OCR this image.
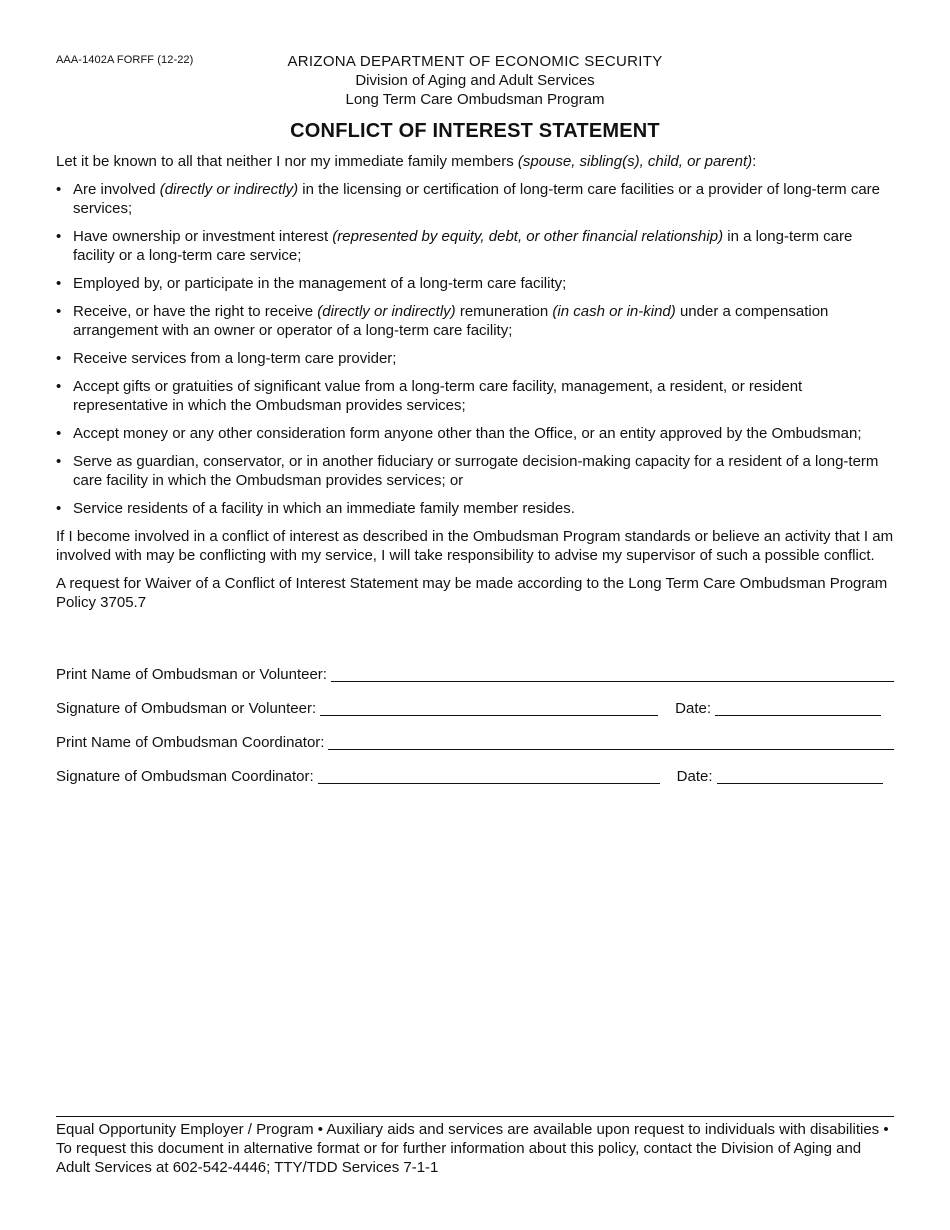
AAA-1402A FORFF (12-22)	ARIZONA DEPARTMENT OF ECONOMIC SECURITY
Division of Aging and Adult Services
Long Term Care Ombudsman Program
CONFLICT OF INTEREST STATEMENT

Let it be known to all that neither I nor my immediate family members (spouse, sibling(s), child, or parent):

• Are involved (directly or indirectly) in the licensing or certification of long-term care facilities or a provider of long-term care services;
• Have ownership or investment interest (represented by equity, debt, or other financial relationship) in a long-term care facility or a long-term care service;
• Employed by, or participate in the management of a long-term care facility;
• Receive, or have the right to receive (directly or indirectly) remuneration (in cash or in-kind) under a compensation arrangement with an owner or operator of a long-term care facility;
• Receive services from a long-term care provider;
• Accept gifts or gratuities of significant value from a long-term care facility, management, a resident, or resident representative in which the Ombudsman provides services;
• Accept money or any other consideration form anyone other than the Office, or an entity approved by the Ombudsman;
• Serve as guardian, conservator, or in another fiduciary or surrogate decision-making capacity for a resident of a long-term care facility in which the Ombudsman provides services; or
• Service residents of a facility in which an immediate family member resides.

If I become involved in a conflict of interest as described in the Ombudsman Program standards or believe an activity that I am involved with may be conflicting with my service, I will take responsibility to advise my supervisor of such a possible conflict.

A request for Waiver of a Conflict of Interest Statement may be made according to the Long Term Care Ombudsman Program Policy 3705.7

Print Name of Ombudsman or Volunteer:
Signature of Ombudsman or Volunteer:	Date:
Print Name of Ombudsman Coordinator:
Signature of Ombudsman Coordinator:	Date:
Equal Opportunity Employer / Program • Auxiliary aids and services are available upon request to individuals with disabilities • To request this document in alternative format or for further information about this policy, contact the Division of Aging and Adult Services at 602-542-4446; TTY/TDD Services 7-1-1
